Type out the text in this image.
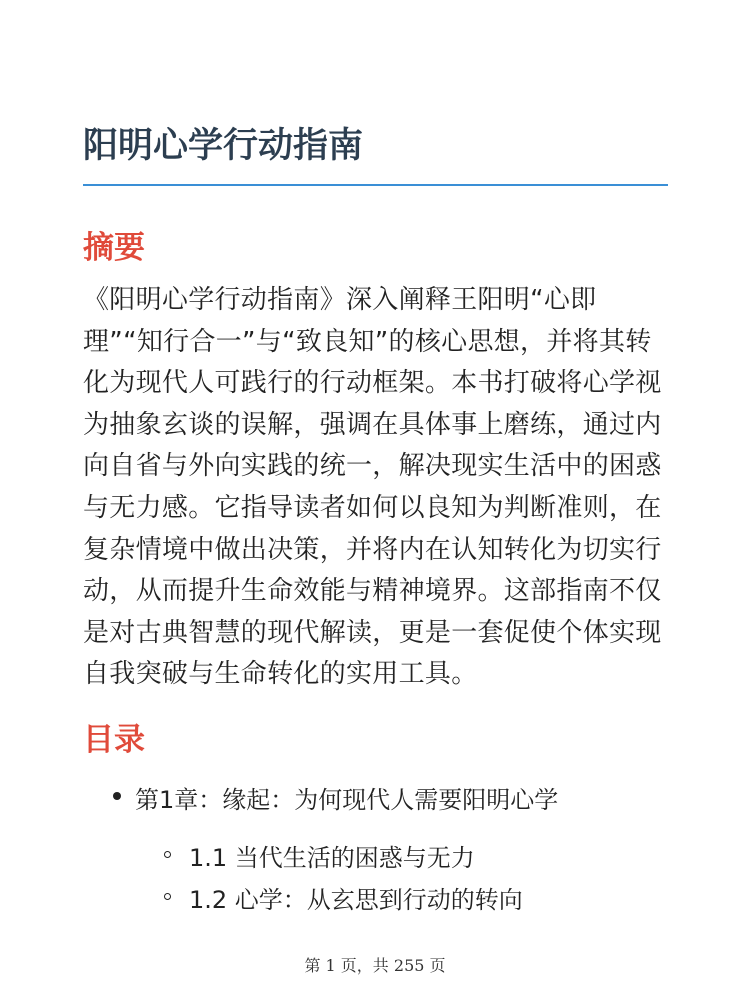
阳明心学行动指南
摘要

《阳明心学行动指南》深入阐释王阳明“心即理”“知行合一”与“致良知”的核心思想，并将其转化为现代人可践行的行动框架。本书打破将心学视为抽象玄谈的误解，强调在具体事上磨练，通过内向自省与外向实践的统一，解决现实生活中的困惑与无力感。它指导读者如何以良知为判断准则，在复杂情境中做出决策，并将内在认知转化为切实行动，从而提升生命效能与精神境界。这部指南不仅是对古典智慧的现代解读，更是一套促使个体实现自我突破与生命转化的实用工具。

目录
第1章：缘起：为何现代人需要阳明心学
1.1 当代生活的困惑与无力
1.2 心学：从玄思到行动的转向
第 1 页，共 255 页
